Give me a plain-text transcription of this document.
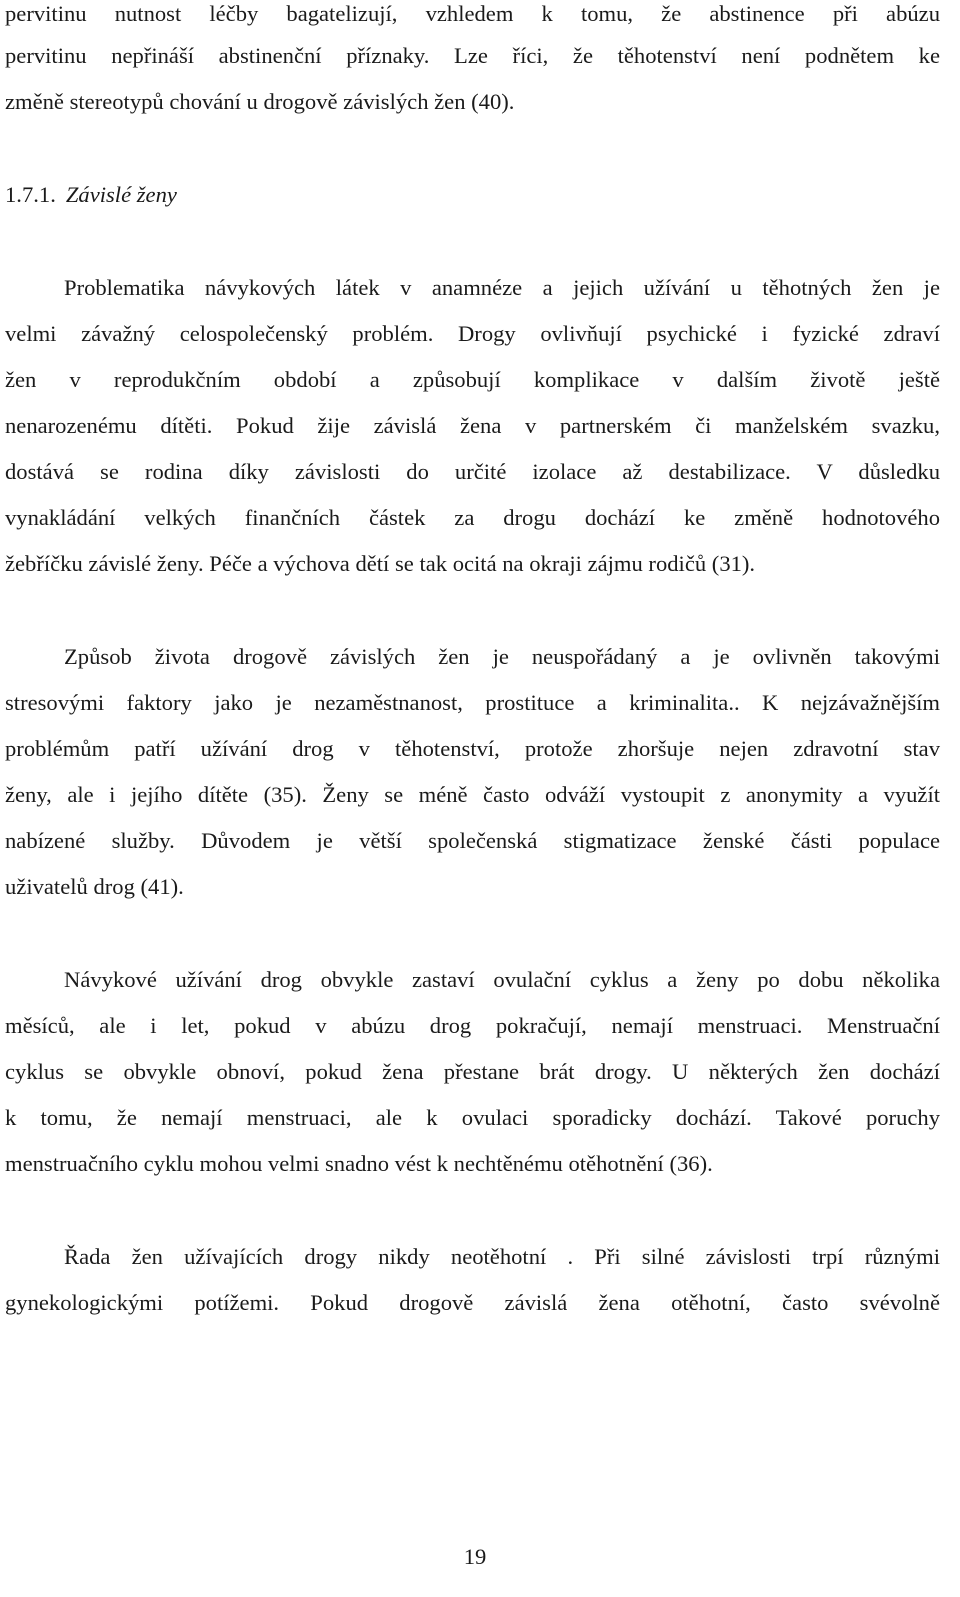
pervitinu nutnost léčby bagatelizují, vzhledem k tomu, že abstinence při abúzu
pervitinu nepřináší abstinenční příznaky. Lze říci, že těhotenství není podnětem ke
změně stereotypů chování u drogově závislých žen (40).
1.7.1. Závislé ženy
Problematika návykových látek v anamnéze a jejich užívání u těhotných žen je
velmi závažný celospolečenský problém. Drogy ovlivňují psychické i fyzické zdraví
žen v reprodukčním období a způsobují komplikace v dalším životě ještě
nenarozenému dítěti. Pokud žije závislá žena v partnerském či manželském svazku,
dostává se rodina díky závislosti do určité izolace až destabilizace. V důsledku
vynakládání velkých finančních částek za drogu dochází ke změně hodnotového
žebříčku závislé ženy. Péče a výchova dětí se tak ocitá na okraji zájmu rodičů (31).
Způsob života drogově závislých žen je neuspořádaný a je ovlivněn takovými
stresovými faktory jako je nezaměstnanost, prostituce a kriminalita.. K nejzávažnějším
problémům patří užívání drog v těhotenství, protože zhoršuje nejen zdravotní stav
ženy, ale i jejího dítěte (35). Ženy se méně často odváží vystoupit z anonymity a využít
nabízené služby. Důvodem je větší společenská stigmatizace ženské části populace
uživatelů drog (41).
Návykové užívání drog obvykle zastaví ovulační cyklus a ženy po dobu několika
měsíců, ale i let, pokud v abúzu drog pokračují, nemají menstruaci. Menstruační
cyklus se obvykle obnoví, pokud žena přestane brát drogy. U některých žen dochází
k tomu, že nemají menstruaci, ale k ovulaci sporadicky dochází. Takové poruchy
menstruačního cyklu mohou velmi snadno vést k nechtěnému otěhotnění (36).
Řada žen užívajících drogy nikdy neotěhotní . Při silné závislosti trpí různými
gynekologickými potížemi. Pokud drogově závislá žena otěhotní, často svévolně
19
